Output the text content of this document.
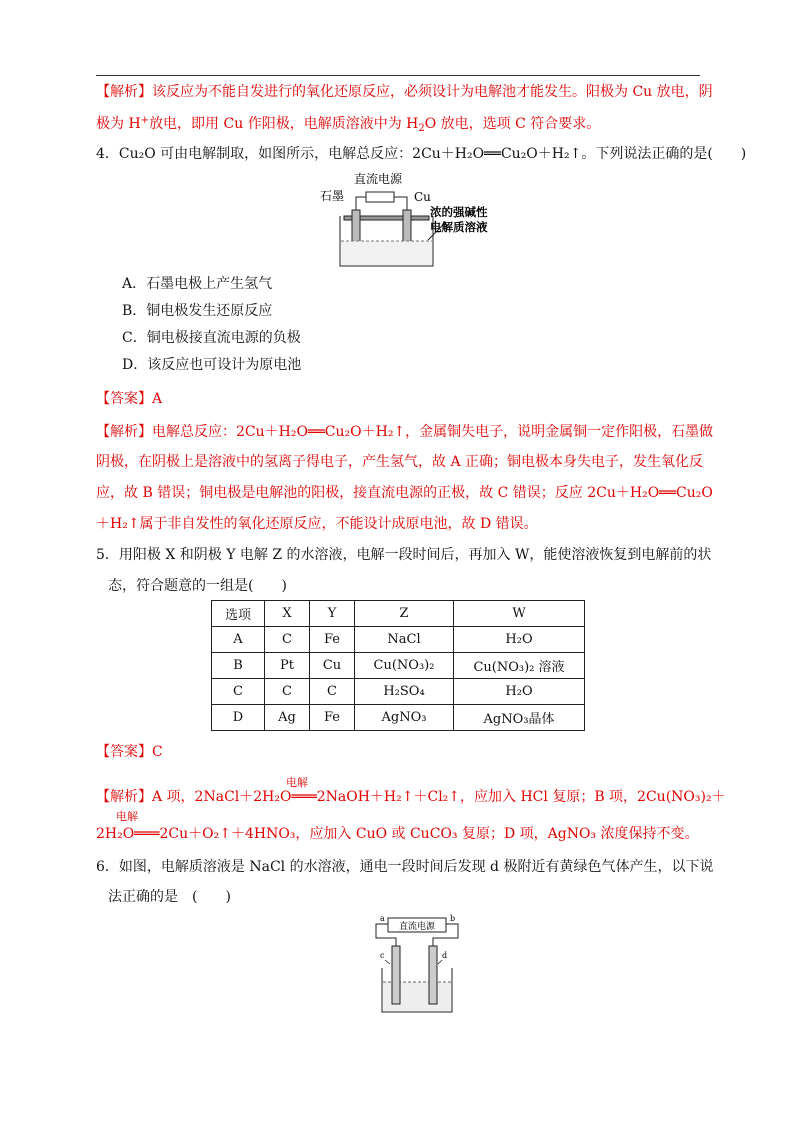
【解析】该反应为不能自发进行的氧化还原反应，必须设计为电解池才能发生。阳极为 Cu 放电，阴
极为 H+放电，即用 Cu 作阳极，电解质溶液中为 $H_2O$ 放电，选项 C 符合要求。
4．Cu₂O 可由电解制取，如图所示，电解总反应：2Cu＋H₂O══Cu₂O＋H₂↑。下列说法正确的是(　　)
直流电源
石墨	Cu
浓的强碱性
电解质溶液
A．石墨电极上产生氢气
B．铜电极发生还原反应
C．铜电极接直流电源的负极
D．该反应也可设计为原电池
【答案】A
【解析】电解总反应：2Cu＋H₂O══Cu₂O＋H₂↑，金属铜失电子，说明金属铜一定作阳极，石墨做
阴极，在阴极上是溶液中的氢离子得电子，产生氢气，故 A 正确；铜电极本身失电子，发生氧化反
应，故 B 错误；铜电极是电解池的阳极，接直流电源的正极，故 C 错误；反应 2Cu＋H₂O══Cu₂O
＋H₂↑属于非自发性的氧化还原反应，不能设计成原电池，故 D 错误。
5．用阳极 X 和阴极 Y 电解 Z 的水溶液，电解一段时间后，再加入 W，能使溶液恢复到电解前的状
态，符合题意的一组是(　　)
选项	X	Y	Z	W
A	C	Fe	NaCl	H₂O
B	Pt	Cu	Cu(NO₃)₂	Cu(NO₃)₂ 溶液
C	C	C	H₂SO₄	H₂O
D	Ag	Fe	AgNO₃	AgNO₃晶体
【答案】C
电解
【解析】A 项，2NaCl＋2H₂O═══2NaOH＋H₂↑＋Cl₂↑，应加入 HCl 复原；B 项，2Cu(NO₃)₂＋
电解
2H₂O═══2Cu＋O₂↑＋4HNO₃，应加入 CuO 或 CuCO₃ 复原；D 项，AgNO₃ 浓度保持不变。
6．如图，电解质溶液是 NaCl 的水溶液，通电一段时间后发现 d 极附近有黄绿色气体产生，以下说
法正确的是　(　　)
直流电源
a	b
c	d
